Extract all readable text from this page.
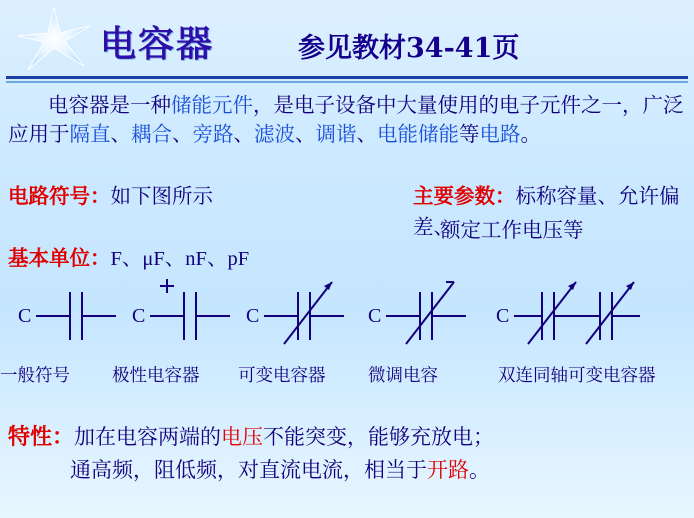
电容器	参见教材34-41页
电容器是一种储能元件，是电子设备中大量使用的电子元件之一，广泛应用于隔直、耦合、旁路、滤波、调谐、电能储能等电路。
电路符号：如下图所示	主要参数：标称容量、允许偏差、
基本单位：F、μF、nF、pF
额定工作电压等
C
一般符号
C
极性电容器
C
可变电容器
C
微调电容
C
双连同轴可变电容器
特性：加在电容两端的电压不能突变，能够充放电；
通高频，阻低频，对直流电流，相当于开路。
